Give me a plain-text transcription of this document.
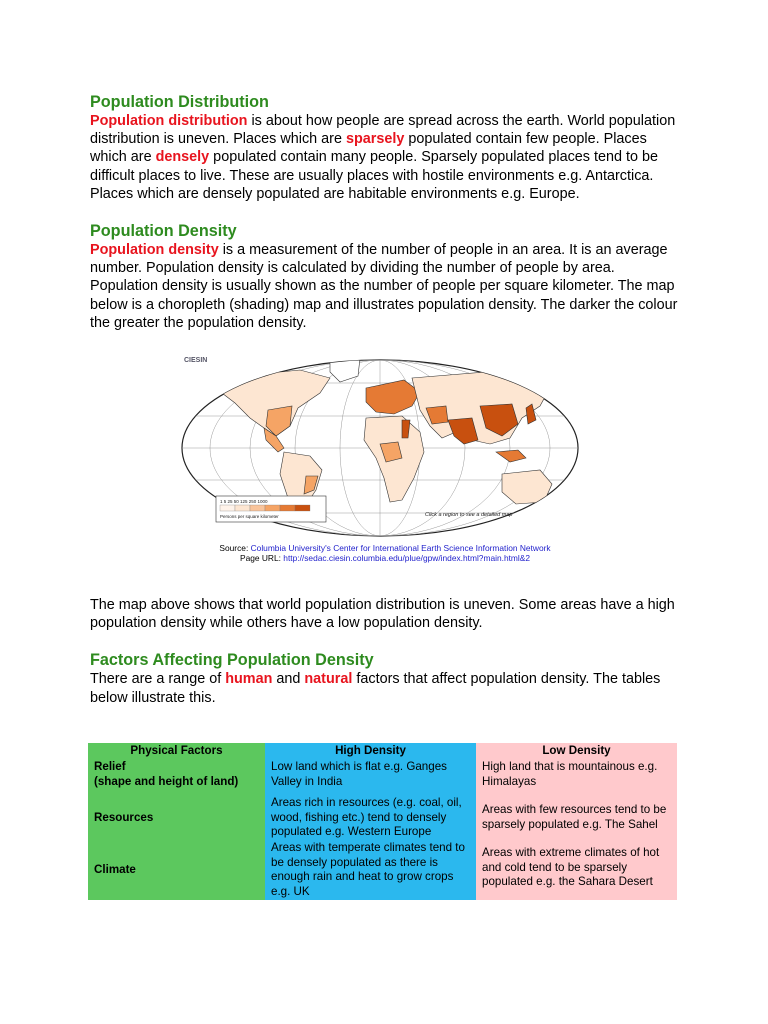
Population Distribution

Population distribution is about how people are spread across the earth. World population distribution is uneven. Places which are sparsely populated contain few people. Places which are densely populated contain many people. Sparsely populated places tend to be difficult places to live. These are usually places with hostile environments e.g. Antarctica. Places which are densely populated are habitable environments e.g. Europe.

Population Density

Population density is a measurement of the number of people in an area. It is an average number. Population density is calculated by dividing the number of people by area. Population density is usually shown as the number of people per square kilometer. The map below is a choropleth (shading) map and illustrates population density. The darker the colour the greater the population density.

CIESIN
1 5 25 50 125 250 1000
Persons per square kilometer	Click a region to see a detailed map
Source: Columbia University's Center for International Earth Science Information Network
Page URL: http://sedac.ciesin.columbia.edu/plue/gpw/index.html?main.html&2

The map above shows that world population distribution is uneven. Some areas have a high population density while others have a low population density.

Factors Affecting Population Density

There are a range of human and natural factors that affect population density. The tables below illustrate this.

Physical Factors	High Density	Low Density
Relief
(shape and height of land)	Low land which is flat e.g. Ganges Valley in India	High land that is mountainous e.g. Himalayas
Resources	Areas rich in resources (e.g. coal, oil, wood, fishing etc.) tend to densely populated e.g. Western Europe	Areas with few resources tend to be sparsely populated e.g. The Sahel
Climate	Areas with temperate climates tend to be densely populated as there is enough rain and heat to grow crops e.g. UK	Areas with extreme climates of hot and cold tend to be sparsely populated e.g. the Sahara Desert
